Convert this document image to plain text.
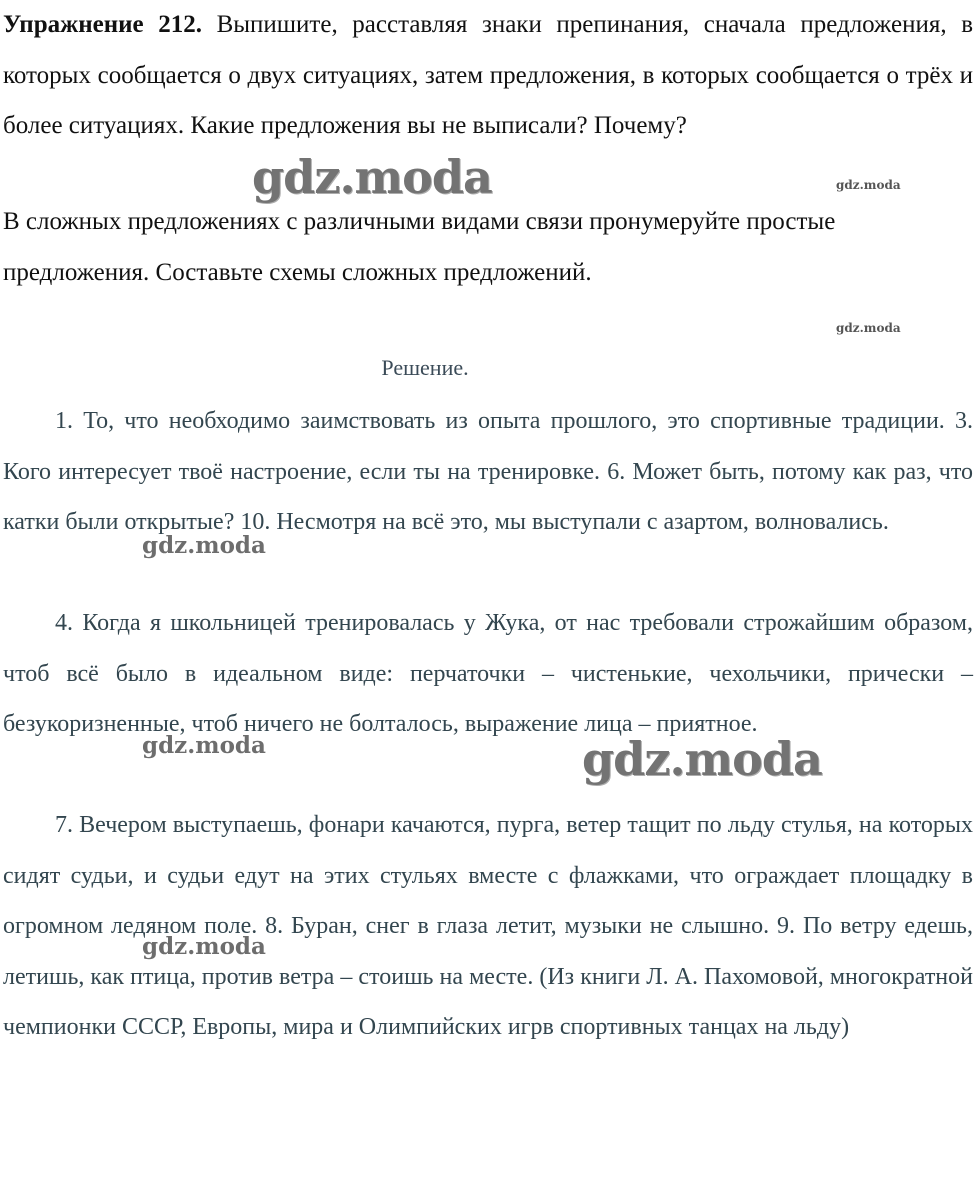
Упражнение 212. Выпишите, расставляя знаки препинания, сначала предложения, в которых сообщается о двух ситуациях, затем предложения, в которых сообщается о трёх и более ситуациях. Какие предложения вы не выписали? Почему?

В сложных предложениях с различными видами связи пронумеруйте простые предложения. Составьте схемы сложных предложений.

Решение.

1. То, что необходимо заимствовать из опыта прошлого, это спортивные традиции. 3. Кого интересует твоё настроение, если ты на тренировке. 6. Может быть, потому как раз, что катки были открытые? 10. Несмотря на всё это, мы выступали с азартом, волновались.

4. Когда я школьницей тренировалась у Жука, от нас требовали строжайшим образом, чтоб всё было в идеальном виде: перчаточки – чистенькие, чехольчики, прически – безукоризненные, чтоб ничего не болталось, выражение лица – приятное.

7. Вечером выступаешь, фонари качаются, пурга, ветер тащит по льду стулья, на которых сидят судьи, и судьи едут на этих стульях вместе с флажками, что ограждает площадку в огромном ледяном поле. 8. Буран, снег в глаза летит, музыки не слышно. 9. По ветру едешь, летишь, как птица, против ветра – стоишь на месте. (Из книги Л. А. Пахомовой, многократной чемпионки СССР, Европы, мира и Олимпийских игрв спортивных танцах на льду)

gdz.moda
gdz.moda
gdz.moda
gdz.moda
gdz.moda
gdz.moda
gdz.moda
